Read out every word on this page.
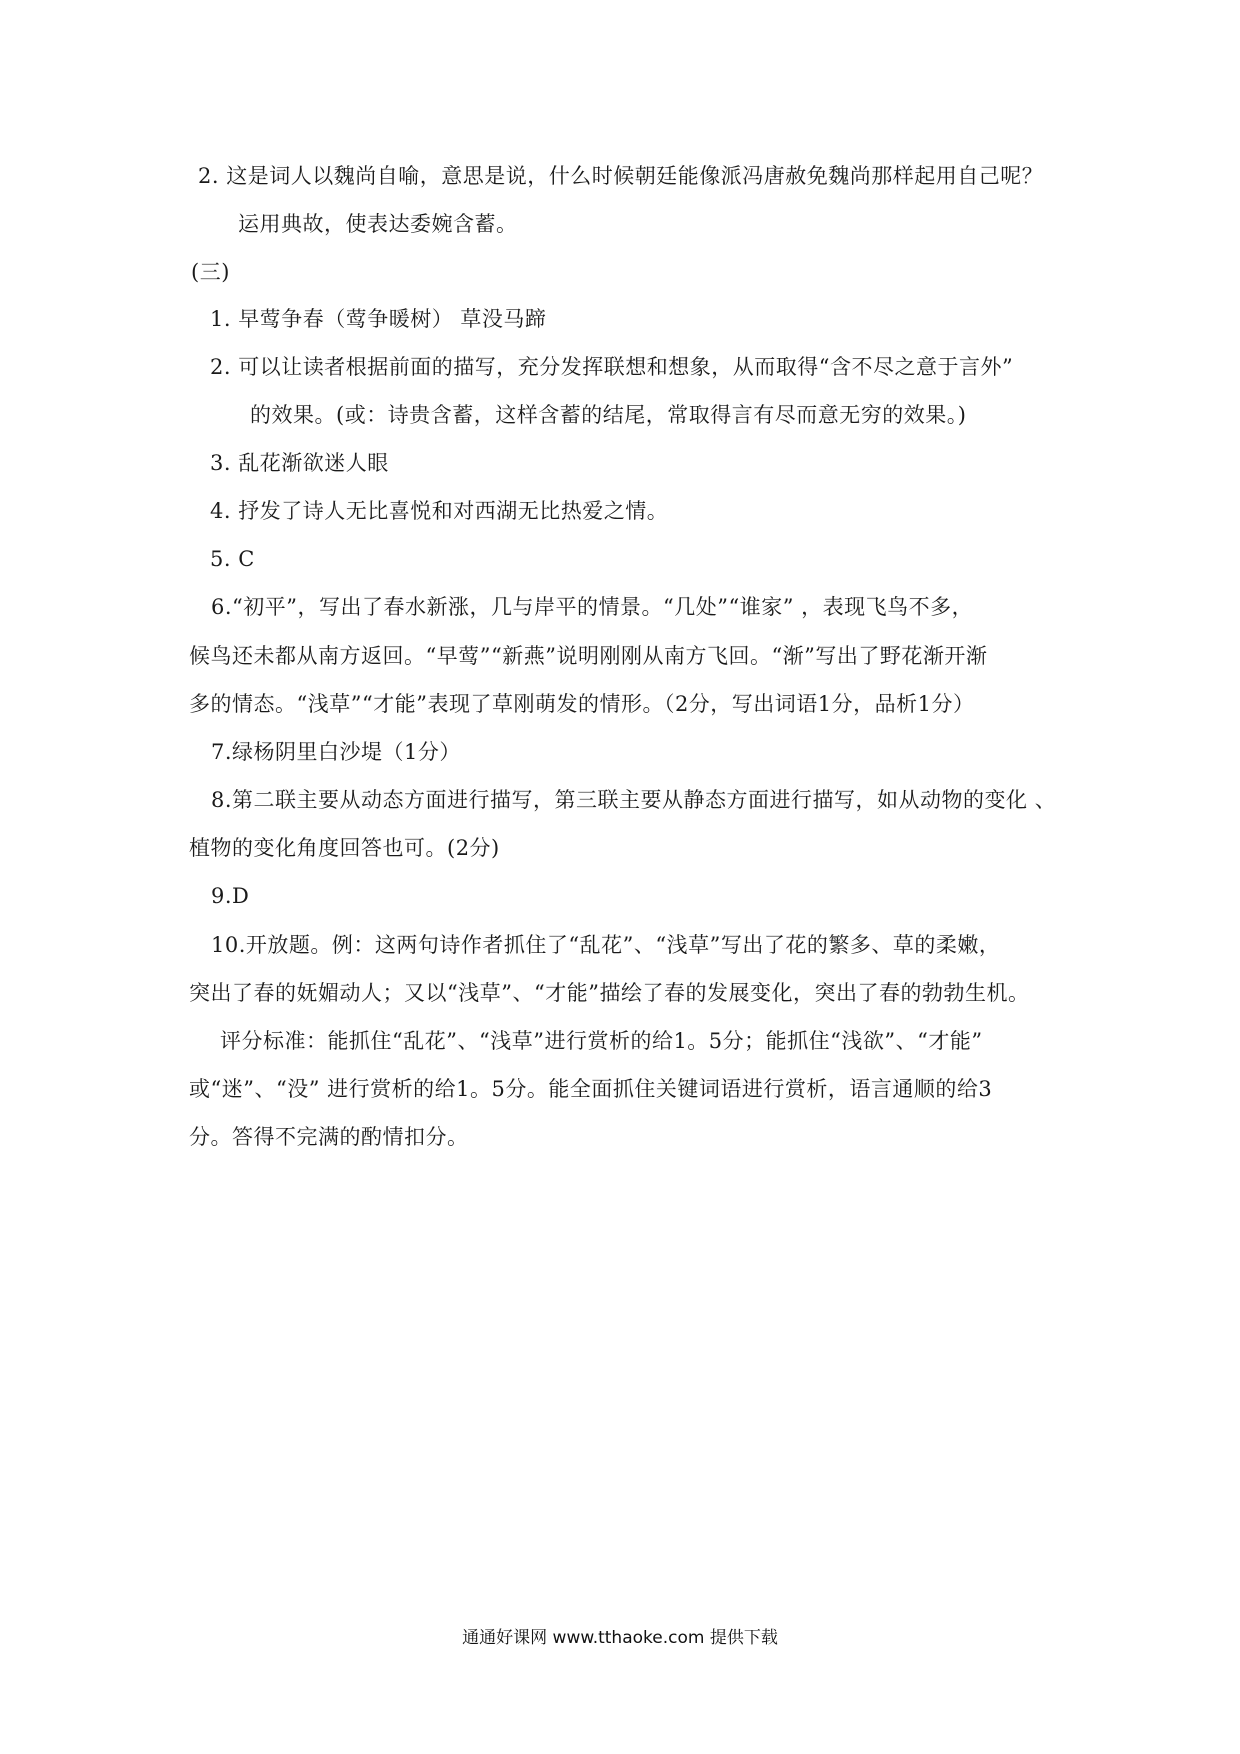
2. 这是词人以魏尚自喻，意思是说，什么时候朝廷能像派冯唐赦免魏尚那样起用自己呢？
运用典故，使表达委婉含蓄。
(三)
1. 早莺争春（莺争暖树） 草没马蹄
2. 可以让读者根据前面的描写，充分发挥联想和想象，从而取得“含不尽之意于言外”
的效果。(或：诗贵含蓄，这样含蓄的结尾，常取得言有尽而意无穷的效果。)
3. 乱花渐欲迷人眼
4. 抒发了诗人无比喜悦和对西湖无比热爱之情。
5. C
6.“初平”，写出了春水新涨，几与岸平的情景。“几处”“谁家” ，表现飞鸟不多，
候鸟还未都从南方返回。“早莺”“新燕”说明刚刚从南方飞回。“渐”写出了野花渐开渐
多的情态。“浅草”“才能”表现了草刚萌发的情形。（2分，写出词语1分，品析1分）
7.绿杨阴里白沙堤（1分）
8.第二联主要从动态方面进行描写，第三联主要从静态方面进行描写，如从动物的变化 、
植物的变化角度回答也可。(2分)
9.D
10.开放题。例：这两句诗作者抓住了“乱花”、“浅草”写出了花的繁多、草的柔嫩，
突出了春的妩媚动人；又以“浅草”、“才能”描绘了春的发展变化，突出了春的勃勃生机。
评分标准：能抓住“乱花”、“浅草”进行赏析的给1。5分；能抓住“浅欲”、“才能”
或“迷”、“没” 进行赏析的给1。5分。能全面抓住关键词语进行赏析，语言通顺的给3
分。答得不完满的酌情扣分。
通通好课网 www.tthaoke.com 提供下载
